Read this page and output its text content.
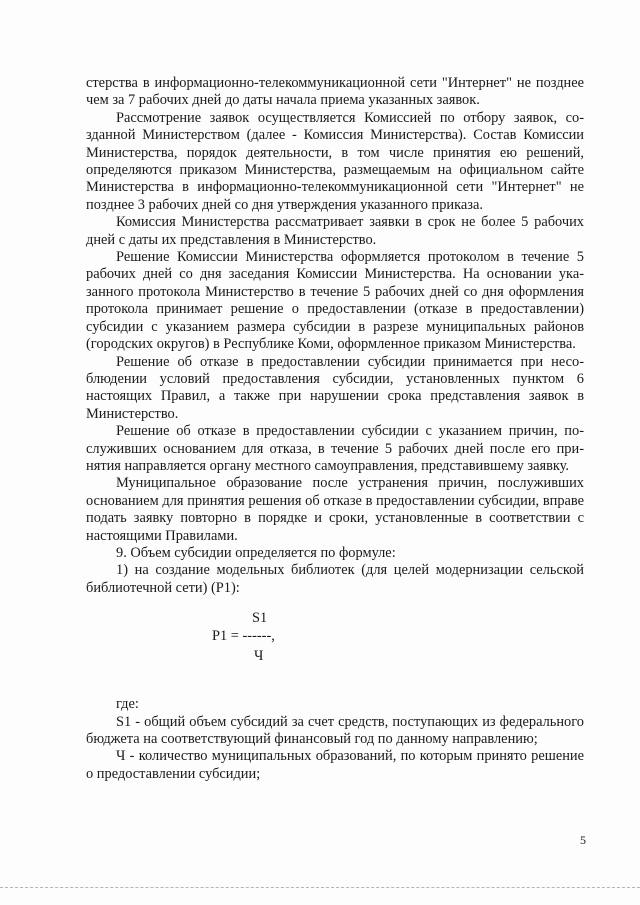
стерства в информационно-телекоммуникационной сети "Интернет" не позднее чем за 7 рабочих дней до даты начала приема указанных заявок.

Рассмотрение заявок осуществляется Комиссией по отбору заявок, созданной Министерством (далее - Комиссия Министерства). Состав Комиссии Министерства, порядок деятельности, в том числе принятия ею решений, определяются приказом Министерства, размещаемым на официальном сайте Министерства в информационно-телекоммуникационной сети "Интернет" не позднее 3 рабочих дней со дня утверждения указанного приказа.

Комиссия Министерства рассматривает заявки в срок не более 5 рабочих дней с даты их представления в Министерство.

Решение Комиссии Министерства оформляется протоколом в течение 5 рабочих дней со дня заседания Комиссии Министерства. На основании указанного протокола Министерство в течение 5 рабочих дней со дня оформления протокола принимает решение о предоставлении (отказе в предоставлении) субсидии с указанием размера субсидии в разрезе муниципальных районов (городских округов) в Республике Коми, оформленное приказом Министерства.

Решение об отказе в предоставлении субсидии принимается при несоблюдении условий предоставления субсидии, установленных пунктом 6 настоящих Правил, а также при нарушении срока представления заявок в Министерство.

Решение об отказе в предоставлении субсидии с указанием причин, послуживших основанием для отказа, в течение 5 рабочих дней после его принятия направляется органу местного самоуправления, представившему заявку.

Муниципальное образование после устранения причин, послуживших основанием для принятия решения об отказе в предоставлении субсидии, вправе подать заявку повторно в порядке и сроки, установленные в соответствии с настоящими Правилами.

9. Объем субсидии определяется по формуле:

1) на создание модельных библиотек (для целей модернизации сельской библиотечной сети) (P1):

S1
P1 = ------,
Ч

где:

S1 - общий объем субсидий за счет средств, поступающих из федерального бюджета на соответствующий финансовый год по данному направлению;

Ч - количество муниципальных образований, по которым принято решение о предоставлении субсидии;

5
